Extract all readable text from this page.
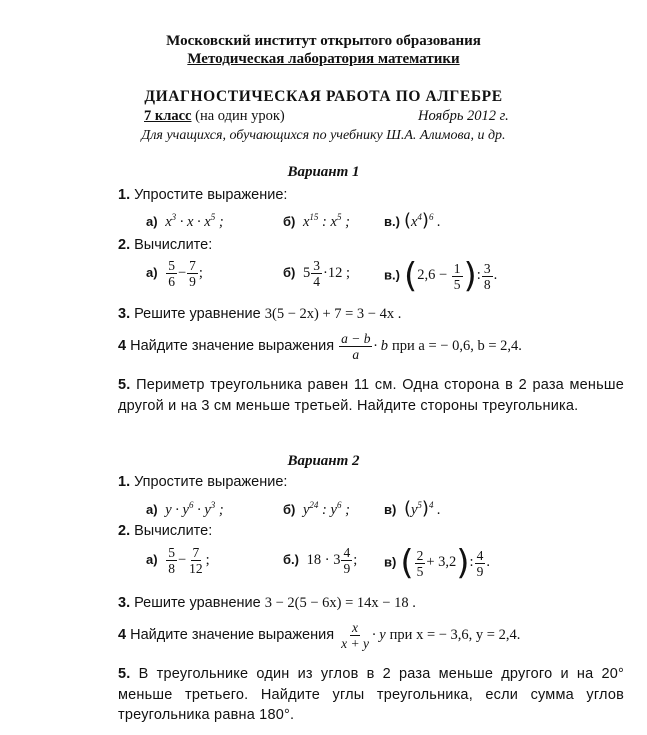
Московский институт открытого образования
Методическая лаборатория математики
ДИАГНОСТИЧЕСКАЯ РАБОТА ПО АЛГЕБРЕ
7 класс (на один урок)	Ноябрь 2012 г.
Для учащихся, обучающихся по учебнику Ш.А. Алимова, и др.
Вариант 1
1. Упростите выражение:
а)  $x^3 \cdot x \cdot x^5$ ;	б)  $x^{15}$ : $x^5$ ;	в.) $(x^4)^6$ .
2. Вычислите:
$а) \frac{5}{6} - \frac{7}{9}$ ;	б)  $5 \frac{3}{4} \cdot 12$ ;	в.) ($2,6 - \frac{1}{5}$ ): $\frac{3}{8}$ .
3. Решите уравнение 3(5 − 2x) + 7 = 3 − 4x .
4 Найдите значение выражения $\frac{a - b}{a} \cdot b$ при a = − 0,6, b = 2,4.
5. Периметр треугольника равен 11 см. Одна сторона в 2 раза меньше другой и на 3 см меньше третьей. Найдите стороны треугольника.
Вариант 2
1. Упростите выражение:
а)  $y \cdot y^6 \cdot y^3$ ;	б)  $y^{24}$ : $y^6$ ;	в) $(y^5)^4$ .
2. Вычислите:
$а) \frac{5}{8} - \frac{7}{12}$ ;	б.)  $18 \cdot 3 \frac{4}{9}$ ; в) ( $\frac{2}{5} + 3,2$): $\frac{4}{9}$ .
3. Решите уравнение 3 − 2(5 − 6x) = 14x − 18 .
4 Найдите значение выражения $\frac{x}{x + y} \cdot y$ при x = − 3,6, y = 2,4.
5. В треугольнике один из углов в 2 раза меньше другого и на 20° меньше третьего. Найдите углы треугольника, если сумма углов треугольника равна 180°.
